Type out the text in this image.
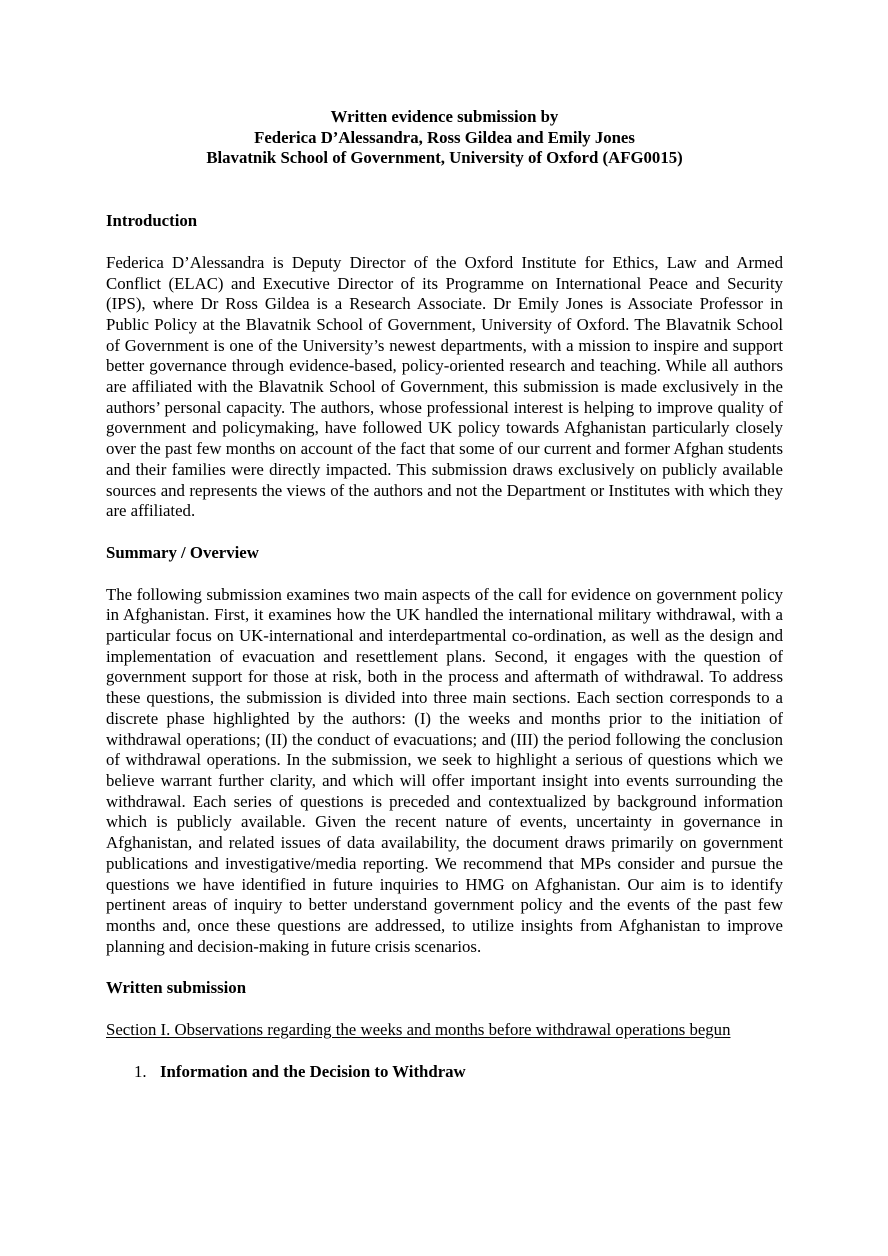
Written evidence submission by
Federica D’Alessandra, Ross Gildea and Emily Jones
Blavatnik School of Government, University of Oxford (AFG0015)
Introduction

Federica D’Alessandra is Deputy Director of the Oxford Institute for Ethics, Law and Armed Conflict (ELAC) and Executive Director of its Programme on International Peace and Security (IPS), where Dr Ross Gildea is a Research Associate. Dr Emily Jones is Associate Professor in Public Policy at the Blavatnik School of Government, University of Oxford. The Blavatnik School of Government is one of the University’s newest departments, with a mission to inspire and support better governance through evidence-based, policy-oriented research and teaching. While all authors are affiliated with the Blavatnik School of Government, this submission is made exclusively in the authors’ personal capacity. The authors, whose professional interest is helping to improve quality of government and policymaking, have followed UK policy towards Afghanistan particularly closely over the past few months on account of the fact that some of our current and former Afghan students and their families were directly impacted. This submission draws exclusively on publicly available sources and represents the views of the authors and not the Department or Institutes with which they are affiliated.

Summary / Overview

The following submission examines two main aspects of the call for evidence on government policy in Afghanistan. First, it examines how the UK handled the international military withdrawal, with a particular focus on UK-international and interdepartmental co-ordination, as well as the design and implementation of evacuation and resettlement plans. Second, it engages with the question of government support for those at risk, both in the process and aftermath of withdrawal. To address these questions, the submission is divided into three main sections. Each section corresponds to a discrete phase highlighted by the authors: (I) the weeks and months prior to the initiation of withdrawal operations; (II) the conduct of evacuations; and (III) the period following the conclusion of withdrawal operations. In the submission, we seek to highlight a serious of questions which we believe warrant further clarity, and which will offer important insight into events surrounding the withdrawal. Each series of questions is preceded and contextualized by background information which is publicly available. Given the recent nature of events, uncertainty in governance in Afghanistan, and related issues of data availability, the document draws primarily on government publications and investigative/media reporting. We recommend that MPs consider and pursue the questions we have identified in future inquiries to HMG on Afghanistan. Our aim is to identify pertinent areas of inquiry to better understand government policy and the events of the past few months and, once these questions are addressed, to utilize insights from Afghanistan to improve planning and decision-making in future crisis scenarios.

Written submission
Section I. Observations regarding the weeks and months before withdrawal operations begun
1. Information and the Decision to Withdraw
